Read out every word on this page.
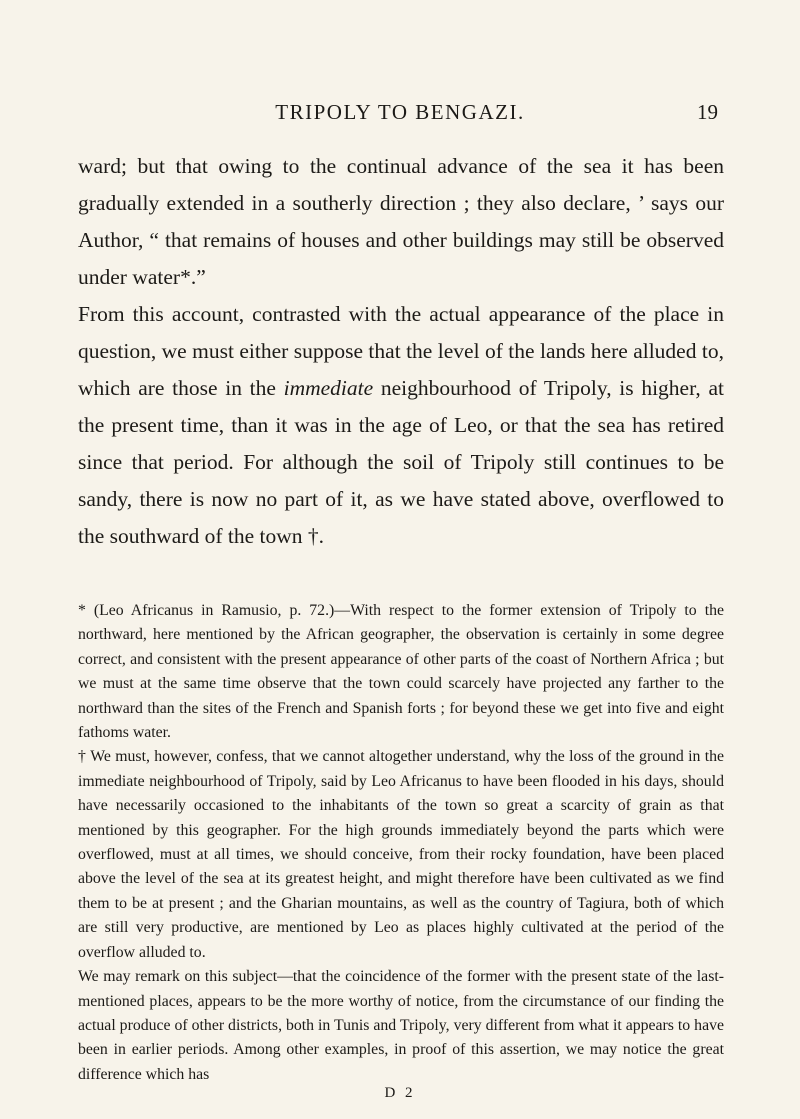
TRIPOLY TO BENGAZI.	19

ward; but that owing to the continual advance of the sea it has been gradually extended in a southerly direction ; they also declare, ’ says our Author, “ that remains of houses and other buildings may still be observed under water*.”

From this account, contrasted with the actual appearance of the place in question, we must either suppose that the level of the lands here alluded to, which are those in the immediate neighbourhood of Tripoly, is higher, at the present time, than it was in the age of Leo, or that the sea has retired since that period. For although the soil of Tripoly still continues to be sandy, there is now no part of it, as we have stated above, overflowed to the southward of the town †.

* (Leo Africanus in Ramusio, p. 72.)—With respect to the former extension of Tripoly to the northward, here mentioned by the African geographer, the observation is certainly in some degree correct, and consistent with the present appearance of other parts of the coast of Northern Africa ; but we must at the same time observe that the town could scarcely have projected any farther to the northward than the sites of the French and Spanish forts ; for beyond these we get into five and eight fathoms water.

† We must, however, confess, that we cannot altogether understand, why the loss of the ground in the immediate neighbourhood of Tripoly, said by Leo Africanus to have been flooded in his days, should have necessarily occasioned to the inhabitants of the town so great a scarcity of grain as that mentioned by this geographer. For the high grounds immediately beyond the parts which were overflowed, must at all times, we should conceive, from their rocky foundation, have been placed above the level of the sea at its greatest height, and might therefore have been cultivated as we find them to be at present ; and the Gharian mountains, as well as the country of Tagiura, both of which are still very productive, are mentioned by Leo as places highly cultivated at the period of the overflow alluded to.

We may remark on this subject—that the coincidence of the former with the present state of the last-mentioned places, appears to be the more worthy of notice, from the circumstance of our finding the actual produce of other districts, both in Tunis and Tripoly, very different from what it appears to have been in earlier periods. Among other examples, in proof of this assertion, we may notice the great difference which has

D 2
